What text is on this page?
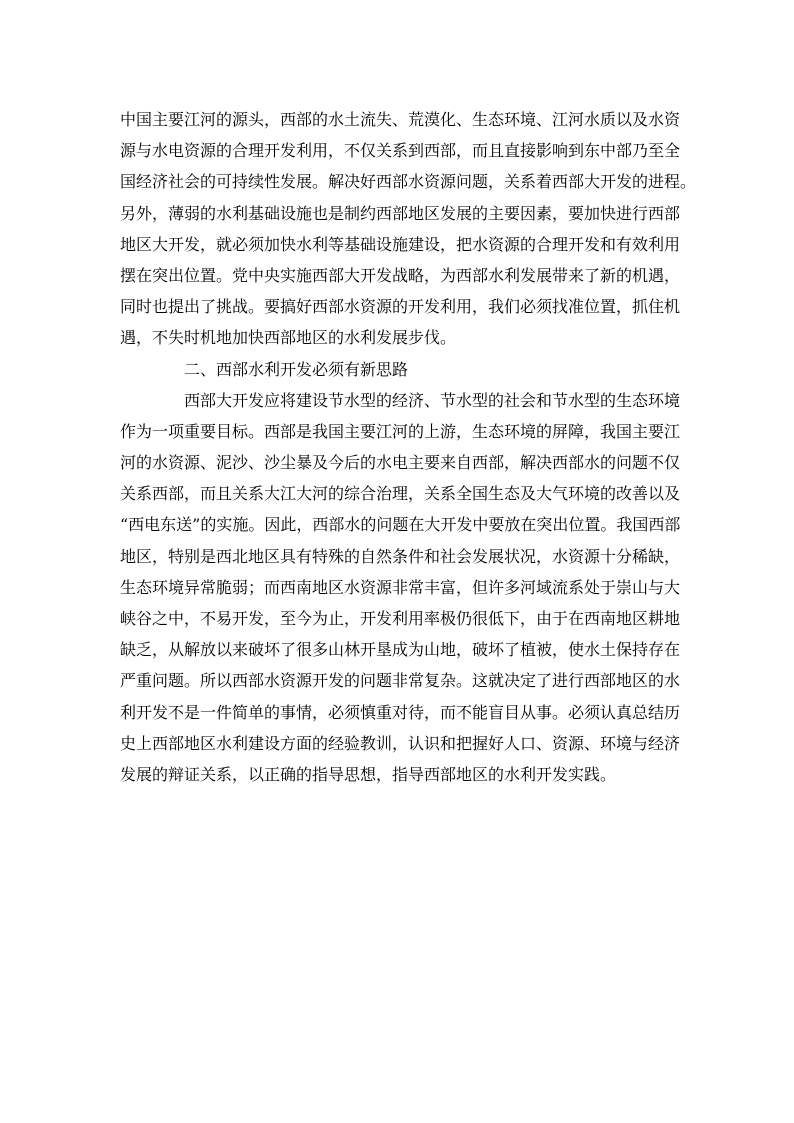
中国主要江河的源头，西部的水土流失、荒漠化、生态环境、江河水质以及水资
源与水电资源的合理开发利用，不仅关系到西部，而且直接影响到东中部乃至全
国经济社会的可持续性发展。解决好西部水资源问题，关系着西部大开发的进程。
另外，薄弱的水利基础设施也是制约西部地区发展的主要因素，要加快进行西部
地区大开发，就必须加快水利等基础设施建设，把水资源的合理开发和有效利用
摆在突出位置。党中央实施西部大开发战略，为西部水利发展带来了新的机遇，
同时也提出了挑战。要搞好西部水资源的开发利用，我们必须找准位置，抓住机
遇，不失时机地加快西部地区的水利发展步伐。
二、西部水利开发必须有新思路
西部大开发应将建设节水型的经济、节水型的社会和节水型的生态环境
作为一项重要目标。西部是我国主要江河的上游，生态环境的屏障，我国主要江
河的水资源、泥沙、沙尘暴及今后的水电主要来自西部，解决西部水的问题不仅
关系西部，而且关系大江大河的综合治理，关系全国生态及大气环境的改善以及
“西电东送”的实施。因此，西部水的问题在大开发中要放在突出位置。我国西部
地区，特别是西北地区具有特殊的自然条件和社会发展状况，水资源十分稀缺，
生态环境异常脆弱；而西南地区水资源非常丰富，但许多河域流系处于崇山与大
峡谷之中，不易开发，至今为止，开发利用率极仍很低下，由于在西南地区耕地
缺乏，从解放以来破坏了很多山林开垦成为山地，破坏了植被，使水土保持存在
严重问题。所以西部水资源开发的问题非常复杂。这就决定了进行西部地区的水
利开发不是一件简单的事情，必须慎重对待，而不能盲目从事。必须认真总结历
史上西部地区水利建设方面的经验教训，认识和把握好人口、资源、环境与经济
发展的辩证关系，以正确的指导思想，指导西部地区的水利开发实践。
